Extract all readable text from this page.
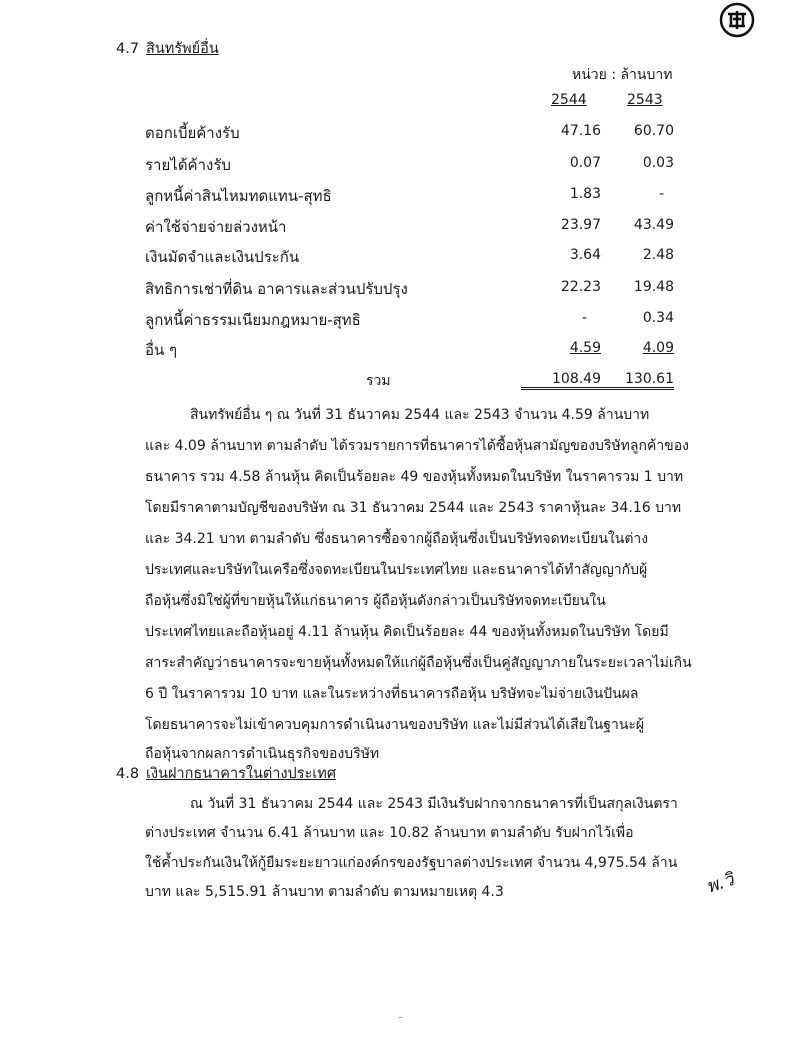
4.7 สินทรัพย์อื่น
หน่วย : ล้านบาท
2544	2543
ดอกเบี้ยค้างรับ	47.16	60.70
รายได้ค้างรับ	0.07	0.03
ลูกหนี้ค่าสินไหมทดแทน-สุทธิ	1.83	-
ค่าใช้จ่ายจ่ายล่วงหน้า	23.97	43.49
เงินมัดจำและเงินประกัน	3.64	2.48
สิทธิการเช่าที่ดิน อาคารและส่วนปรับปรุง	22.23	19.48
ลูกหนี้ค่าธรรมเนียมกฎหมาย-สุทธิ	-	0.34
อื่น ๆ	4.59	4.09
รวม	108.49	130.61
สินทรัพย์อื่น ๆ ณ วันที่ 31 ธันวาคม 2544 และ 2543 จำนวน 4.59 ล้านบาท
และ 4.09 ล้านบาท ตามลำดับ ได้รวมรายการที่ธนาคารได้ซื้อหุ้นสามัญของบริษัทลูกค้าของ
ธนาคาร รวม 4.58 ล้านหุ้น คิดเป็นร้อยละ 49 ของหุ้นทั้งหมดในบริษัท ในราคารวม 1 บาท
โดยมีราคาตามบัญชีของบริษัท ณ 31 ธันวาคม 2544 และ 2543 ราคาหุ้นละ 34.16 บาท
และ 34.21 บาท ตามลำดับ ซึ่งธนาคารซื้อจากผู้ถือหุ้นซึ่งเป็นบริษัทจดทะเบียนในต่าง
ประเทศและบริษัทในเครือซึ่งจดทะเบียนในประเทศไทย และธนาคารได้ทำสัญญากับผู้
ถือหุ้นซึ่งมิใช่ผู้ที่ขายหุ้นให้แก่ธนาคาร ผู้ถือหุ้นดังกล่าวเป็นบริษัทจดทะเบียนใน
ประเทศไทยและถือหุ้นอยู่ 4.11 ล้านหุ้น คิดเป็นร้อยละ 44 ของหุ้นทั้งหมดในบริษัท โดยมี
สาระสำคัญว่าธนาคารจะขายหุ้นทั้งหมดให้แก่ผู้ถือหุ้นซึ่งเป็นคู่สัญญาภายในระยะเวลาไม่เกิน
6 ปี ในราคารวม 10 บาท และในระหว่างที่ธนาคารถือหุ้น บริษัทจะไม่จ่ายเงินปันผล
โดยธนาคารจะไม่เข้าควบคุมการดำเนินงานของบริษัท และไม่มีส่วนได้เสียในฐานะผู้
ถือหุ้นจากผลการดำเนินธุรกิจของบริษัท
4.8 เงินฝากธนาคารในต่างประเทศ
ณ วันที่ 31 ธันวาคม 2544 และ 2543 มีเงินรับฝากจากธนาคารที่เป็นสกุลเงินตรา
ต่างประเทศ จำนวน 6.41 ล้านบาท และ 10.82 ล้านบาท ตามลำดับ รับฝากไว้เพื่อ
ใช้ค้ำประกันเงินให้กู้ยืมระยะยาวแก่องค์กรของรัฐบาลต่างประเทศ จำนวน 4,975.54 ล้าน
บาท และ 5,515.91 ล้านบาท ตามลำดับ ตามหมายเหตุ 4.3	พ.วิ
–
